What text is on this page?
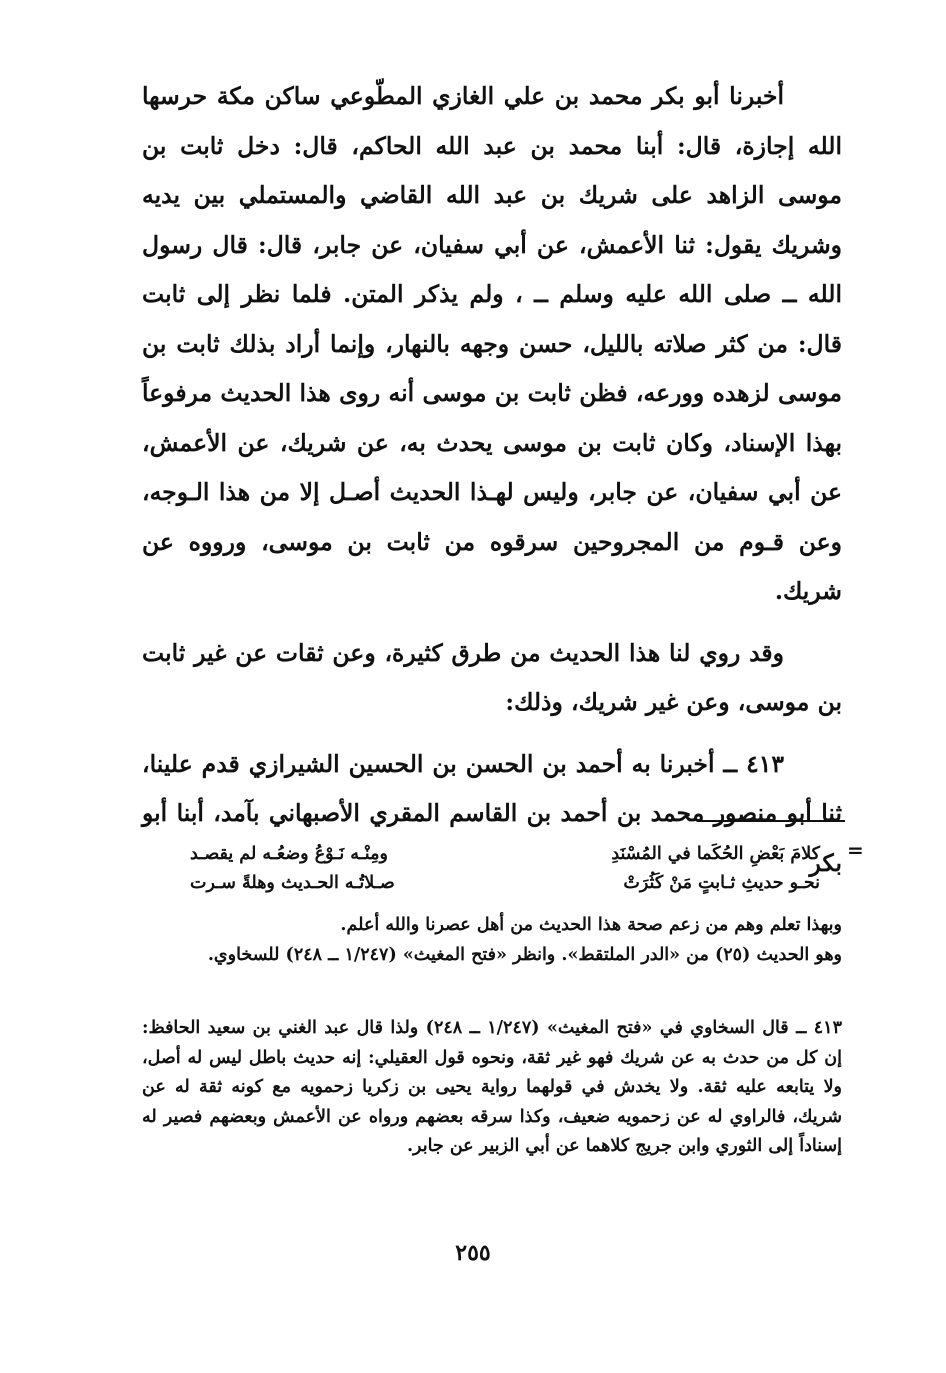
أخبرنا أبو بكر محمد بن علي الغازي المطّوعي ساكن مكة حرسها الله إجازة، قال: أبنا محمد بن عبد الله الحاكم، قال: دخل ثابت بن موسى الزاهد على شريك بن عبد الله القاضي والمستملي بين يديه وشريك يقول: ثنا الأعمش، عن أبي سفيان، عن جابر، قال: قال رسول الله ــ صلى الله عليه وسلم ــ ، ولم يذكر المتن. فلما نظر إلى ثابت قال: من كثر صلاته بالليل، حسن وجهه بالنهار، وإنما أراد بذلك ثابت بن موسى لزهده وورعه، فظن ثابت بن موسى أنه روى هذا الحديث مرفوعاً بهذا الإسناد، وكان ثابت بن موسى يحدث به، عن شريك، عن الأعمش، عن أبي سفيان، عن جابر، وليس لهـذا الحديث أصـل إلا من هذا الـوجه، وعن قـوم من المجروحين سرقوه من ثابت بن موسى، ورووه عن شريك.

وقد روي لنا هذا الحديث من طرق كثيرة، وعن ثقات عن غير ثابت بن موسى، وعن غير شريك، وذلك:

٤١٣ ــ أخبرنا به أحمد بن الحسن بن الحسين الشيرازي قدم علينا، ثنا أبو منصور محمد بن أحمد بن القاسم المقري الأصبهاني بآمد، أبنا أبو بكر =
كلامَ بَعْضِ الحُكَما في المُسْنَدِ
ومِنْـه نَـوْعُ وضعُـه لم يقصـد
نحـو حديثِ ثـابتٍ مَنْ كَثُرَتْ
صـلاتُـه الحـديث وهلةً سـرت

وبهذا تعلم وهم من زعم صحة هذا الحديث من أهل عصرنا والله أعلم.

وهو الحديث (٢٥) من «الدر الملتقط». وانظر «فتح المغيث» (١/٢٤٧ ــ ٢٤٨) للسخاوي.

٤١٣ ــ قال السخاوي في «فتح المغيث» (١/٢٤٧ ــ ٢٤٨) ولذا قال عبد الغني بن سعيد الحافظ: إن كل من حدث به عن شريك فهو غير ثقة، ونحوه قول العقيلي: إنه حديث باطل ليس له أصل، ولا يتابعه عليه ثقة. ولا يخدش في قولهما رواية يحيى بن زكريا زحمويه مع كونه ثقة له عن شريك، فالراوي له عن زحمويه ضعيف، وكذا سرقه بعضهم ورواه عن الأعمش وبعضهم فصير له إسناداً إلى الثوري وابن جريج كلاهما عن أبي الزبير عن جابر.

٢٥٥
